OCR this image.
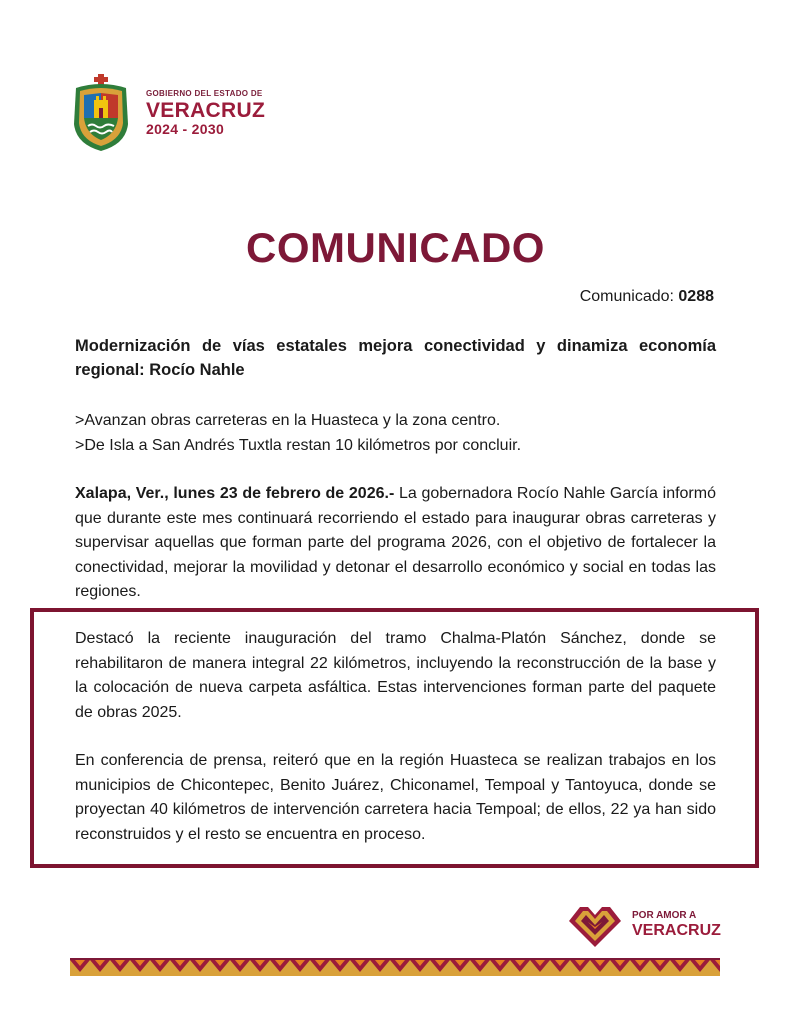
GOBIERNO DEL ESTADO DE
VERACRUZ
2024 - 2030
COMUNICADO
Comunicado: 0288
Modernización de vías estatales mejora conectividad y dinamiza economía regional: Rocío Nahle
>Avanzan obras carreteras en la Huasteca y la zona centro.
>De Isla a San Andrés Tuxtla restan 10 kilómetros por concluir.
Xalapa, Ver., lunes 23 de febrero de 2026.- La gobernadora Rocío Nahle García informó que durante este mes continuará recorriendo el estado para inaugurar obras carreteras y supervisar aquellas que forman parte del programa 2026, con el objetivo de fortalecer la conectividad, mejorar la movilidad y detonar el desarrollo económico y social en todas las regiones.
Destacó la reciente inauguración del tramo Chalma-Platón Sánchez, donde se rehabilitaron de manera integral 22 kilómetros, incluyendo la reconstrucción de la base y la colocación de nueva carpeta asfáltica. Estas intervenciones forman parte del paquete de obras 2025.
En conferencia de prensa, reiteró que en la región Huasteca se realizan trabajos en los municipios de Chicontepec, Benito Juárez, Chiconamel, Tempoal y Tantoyuca, donde se proyectan 40 kilómetros de intervención carretera hacia Tempoal; de ellos, 22 ya han sido reconstruidos y el resto se encuentra en proceso.
POR AMOR A
VERACRUZ
